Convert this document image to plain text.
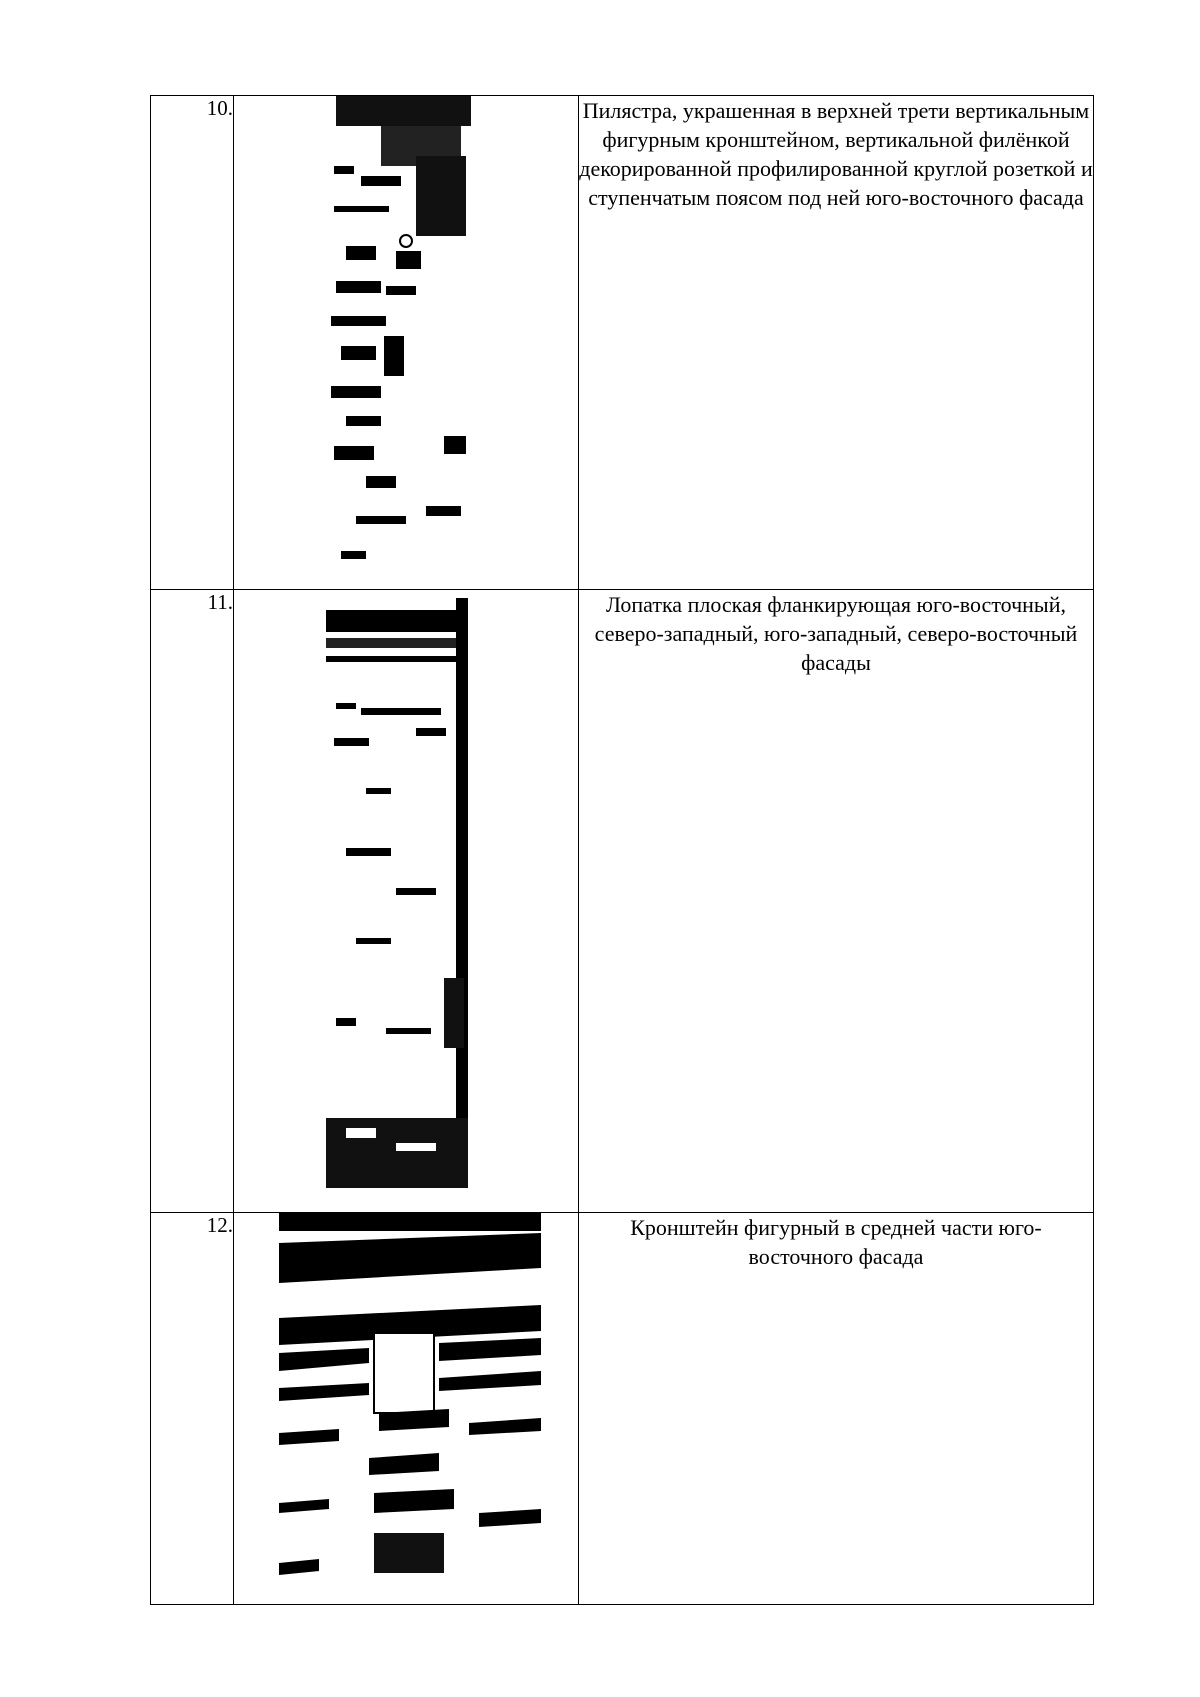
10.		Пилястра, украшенная в верхней трети вертикальным фигурным кронштейном, вертикальной филёнкой декорированной профилированной круглой розеткой и ступенчатым поясом под ней юго-восточного фасада
11.		Лопатка плоская фланкирующая юго-восточный, северо-западный, юго-западный, северо-восточный фасады
12.		Кронштейн фигурный в средней части юго-восточного фасада
